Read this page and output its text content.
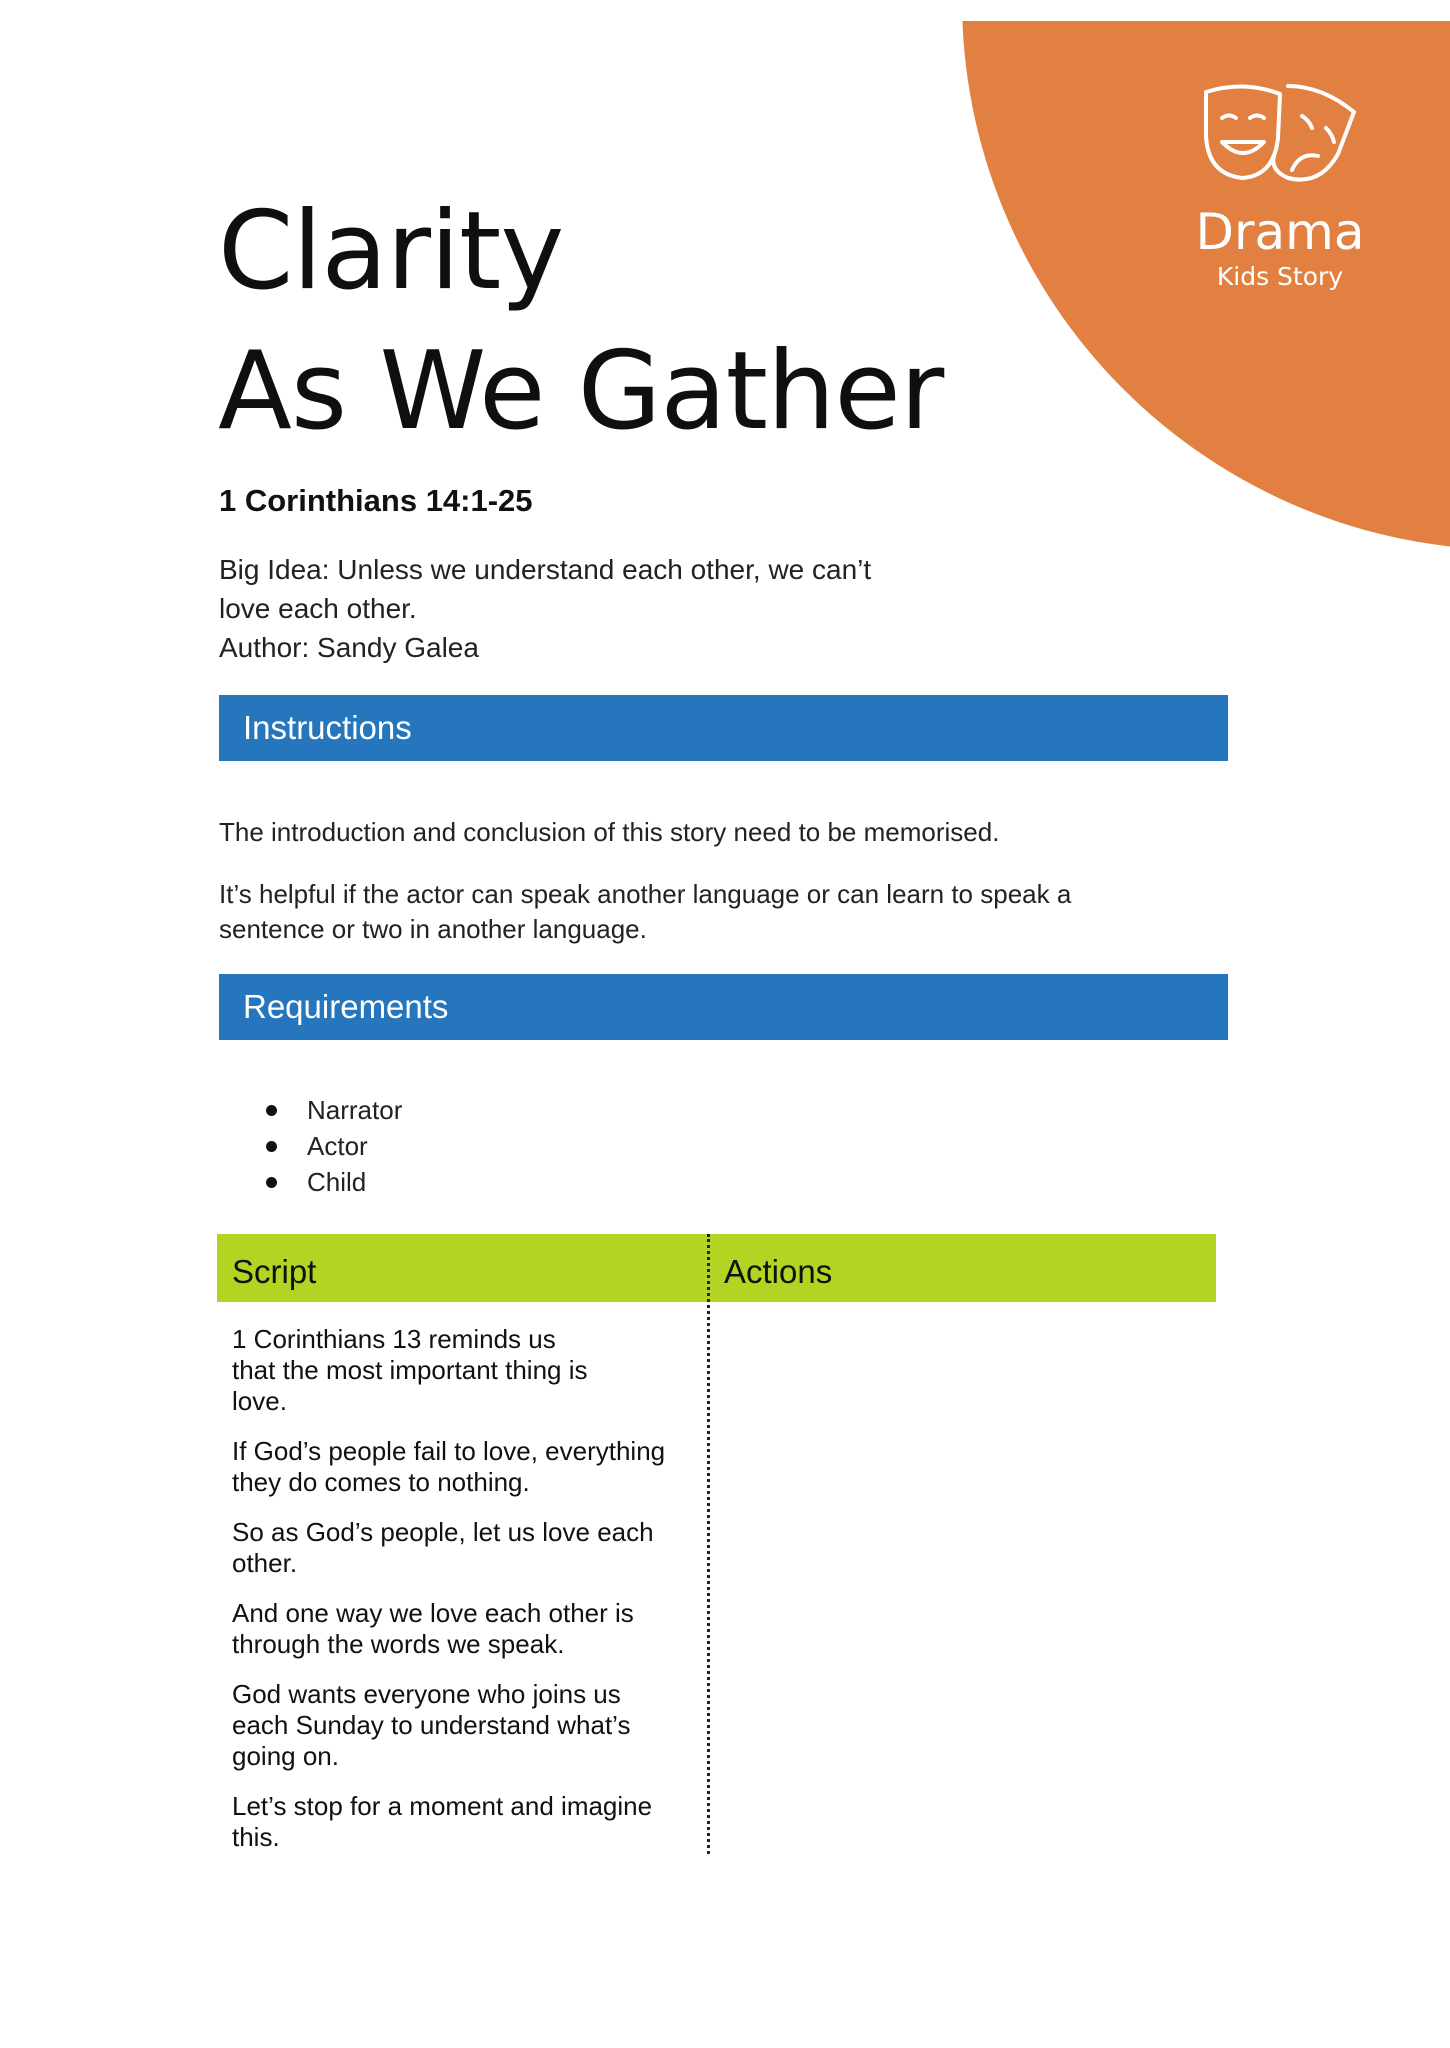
Drama
Kids Story
Clarity
As We Gather
1 Corinthians 14:1-25
Big Idea: Unless we understand each other, we can’t
love each other.
Author: Sandy Galea
Instructions
The introduction and conclusion of this story need to be memorised.
It’s helpful if the actor can speak another language or can learn to speak a sentence or two in another language.
Requirements
Narrator
Actor
Child
Script	Actions

1 Corinthians 13 reminds us that the most important thing is love.

If God’s people fail to love, everything they do comes to nothing.

So as God’s people, let us love each other.

And one way we love each other is through the words we speak.

God wants everyone who joins us each Sunday to understand what’s going on.

Let’s stop for a moment and imagine this.
